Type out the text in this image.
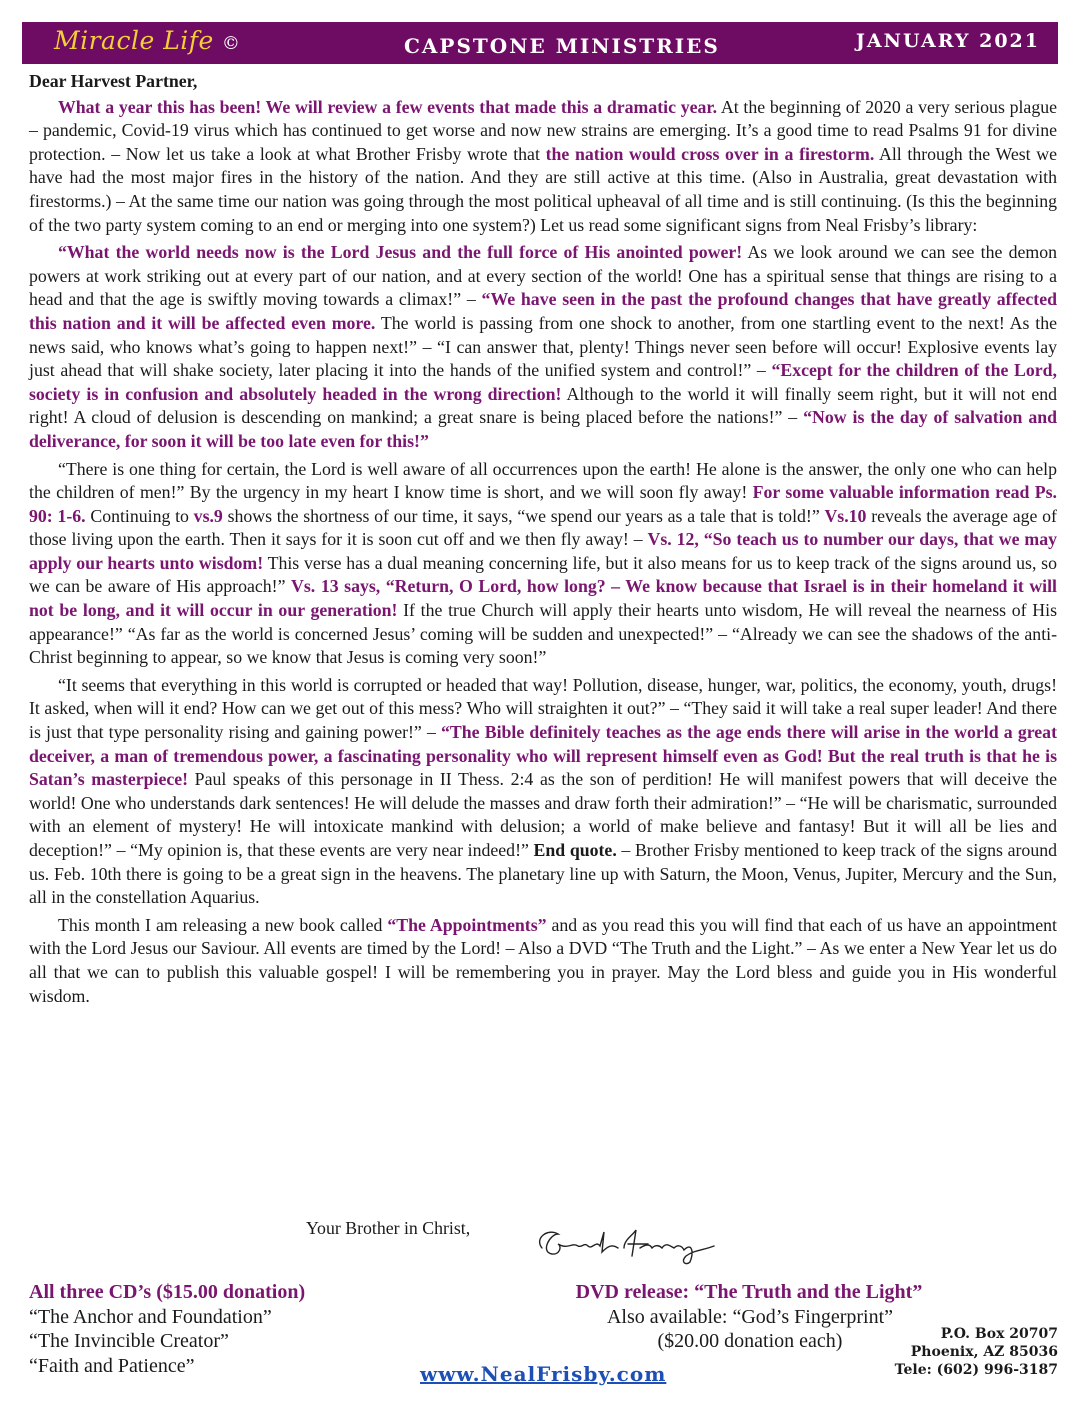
Miracle Life ©	CAPSTONE MINISTRIES	JANUARY 2021

Dear Harvest Partner,

What a year this has been! We will review a few events that made this a dramatic year. At the beginning of 2020 a very serious plague – pandemic, Covid-19 virus which has continued to get worse and now new strains are emerging. It’s a good time to read Psalms 91 for divine protection. – Now let us take a look at what Brother Frisby wrote that the nation would cross over in a firestorm. All through the West we have had the most major fires in the history of the nation. And they are still active at this time. (Also in Australia, great devastation with firestorms.) – At the same time our nation was going through the most political upheaval of all time and is still continuing. (Is this the beginning of the two party system coming to an end or merging into one system?) Let us read some significant signs from Neal Frisby’s library:

“What the world needs now is the Lord Jesus and the full force of His anointed power! As we look around we can see the demon powers at work striking out at every part of our nation, and at every section of the world! One has a spiritual sense that things are rising to a head and that the age is swiftly moving towards a climax!” – “We have seen in the past the profound changes that have greatly affected this nation and it will be affected even more. The world is passing from one shock to another, from one startling event to the next! As the news said, who knows what’s going to happen next!” – “I can answer that, plenty! Things never seen before will occur! Explosive events lay just ahead that will shake society, later placing it into the hands of the unified system and control!” – “Except for the children of the Lord, society is in confusion and absolutely headed in the wrong direction! Although to the world it will finally seem right, but it will not end right! A cloud of delusion is descending on mankind; a great snare is being placed before the nations!” – “Now is the day of salvation and deliverance, for soon it will be too late even for this!”

“There is one thing for certain, the Lord is well aware of all occurrences upon the earth! He alone is the answer, the only one who can help the children of men!” By the urgency in my heart I know time is short, and we will soon fly away! For some valuable information read Ps. 90: 1-6. Continuing to vs.9 shows the shortness of our time, it says, “we spend our years as a tale that is told!” Vs.10 reveals the average age of those living upon the earth. Then it says for it is soon cut off and we then fly away! – Vs. 12, “So teach us to number our days, that we may apply our hearts unto wisdom! This verse has a dual meaning concerning life, but it also means for us to keep track of the signs around us, so we can be aware of His approach!” Vs. 13 says, “Return, O Lord, how long? – We know because that Israel is in their homeland it will not be long, and it will occur in our generation! If the true Church will apply their hearts unto wisdom, He will reveal the nearness of His appearance!” “As far as the world is concerned Jesus’ coming will be sudden and unexpected!” – “Already we can see the shadows of the anti-Christ beginning to appear, so we know that Jesus is coming very soon!”

“It seems that everything in this world is corrupted or headed that way! Pollution, disease, hunger, war, politics, the economy, youth, drugs! It asked, when will it end? How can we get out of this mess? Who will straighten it out?” – “They said it will take a real super leader! And there is just that type personality rising and gaining power!” – “The Bible definitely teaches as the age ends there will arise in the world a great deceiver, a man of tremendous power, a fascinating personality who will represent himself even as God! But the real truth is that he is Satan’s masterpiece! Paul speaks of this personage in II Thess. 2:4 as the son of perdition! He will manifest powers that will deceive the world! One who understands dark sentences! He will delude the masses and draw forth their admiration!” – “He will be charismatic, surrounded with an element of mystery! He will intoxicate mankind with delusion; a world of make believe and fantasy! But it will all be lies and deception!” – “My opinion is, that these events are very near indeed!” End quote. – Brother Frisby mentioned to keep track of the signs around us. Feb. 10th there is going to be a great sign in the heavens. The planetary line up with Saturn, the Moon, Venus, Jupiter, Mercury and the Sun, all in the constellation Aquarius.

This month I am releasing a new book called “The Appointments” and as you read this you will find that each of us have an appointment with the Lord Jesus our Saviour. All events are timed by the Lord! – Also a DVD “The Truth and the Light.” – As we enter a New Year let us do all that we can to publish this valuable gospel! I will be remembering you in prayer. May the Lord bless and guide you in His wonderful wisdom.

Your Brother in Christ,
All three CD’s ($15.00 donation)
“The Anchor and Foundation”
“The Invincible Creator”
“Faith and Patience”
DVD release: “The Truth and the Light”
Also available: “God’s Fingerprint”
($20.00 donation each)
www.NealFrisby.com
P.O. Box 20707
Phoenix, AZ 85036
Tele: (602) 996-3187
